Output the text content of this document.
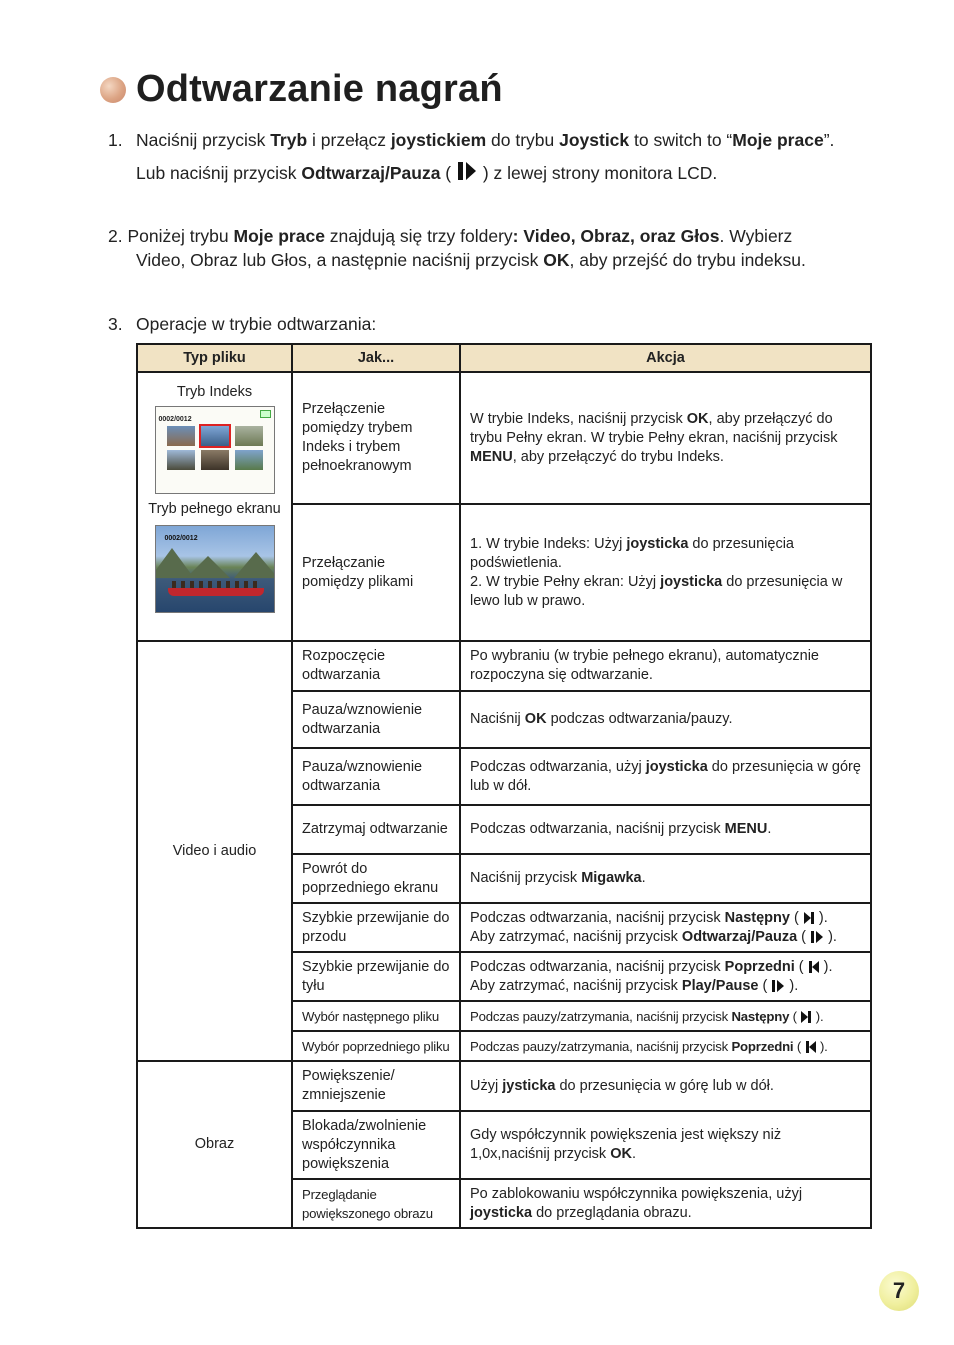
Odtwarzanie nagrań
1. Naciśnij przycisk Tryb i przełącz joystickiem do trybu Joystick to switch to “Moje prace”.
Lub naciśnij przycisk Odtwarzaj/Pauza (  ) z lewej strony monitora LCD.
2. Poniżej trybu Moje prace znajdują się trzy foldery: Video, Obraz, oraz Głos. Wybierz
Video, Obraz lub Głos, a następnie naciśnij przycisk OK, aby przejść do trybu indeksu.
3. Operacje w trybie odtwarzania:
Typ pliku	Jak...	Akcja

Tryb Indeks
0002/0012
Tryb pełnego ekranu
0002/0012	Przełączenie pomiędzy trybem Indeks i trybem pełnoekranowym	W trybie Indeks, naciśnij przycisk OK, aby przełączyć do trybu Pełny ekran. W trybie Pełny ekran, naciśnij przycisk MENU, aby przełączyć do trybu Indeks.
	Przełączanie pomiędzy plikami	1. W trybie Indeks: Użyj joysticka do przesunięcia podświetlenia.
2. W trybie Pełny ekran: Użyj joysticka do przesunięcia w lewo lub w prawo.
Video i audio	Rozpoczęcie odtwarzania	Po wybraniu (w trybie pełnego ekranu), automatycznie rozpoczyna się odtwarzanie.
	Pauza/wznowienie odtwarzania	Naciśnij OK podczas odtwarzania/pauzy.
	Pauza/wznowienie odtwarzania	Podczas odtwarzania, użyj joysticka do przesunięcia w górę lub w dół.
	Zatrzymaj odtwarzanie	Podczas odtwarzania, naciśnij przycisk MENU.
	Powrót do poprzedniego ekranu	Naciśnij przycisk Migawka.
	Szybkie przewijanie do przodu	Podczas odtwarzania, naciśnij przycisk Następny (  ).
Aby zatrzymać, naciśnij przycisk Odtwarzaj/Pauza (  ).
	Szybkie przewijanie do tyłu	Podczas odtwarzania, naciśnij przycisk Poprzedni (  ).
Aby zatrzymać, naciśnij przycisk Play/Pause (  ).
	Wybór następnego pliku	Podczas pauzy/zatrzymania, naciśnij przycisk Następny (  ).
	Wybór poprzedniego pliku	Podczas pauzy/zatrzymania, naciśnij przycisk Poprzedni (  ).
Obraz	Powiększenie/ zmniejszenie	Użyj jysticka do przesunięcia w górę lub w dół.
	Blokada/zwolnienie współczynnika powiększenia	Gdy współczynnik powiększenia jest większy niż 1,0x,naciśnij przycisk OK.
	Przeglądanie powiększonego obrazu	Po zablokowaniu współczynnika powiększenia, użyj joysticka do przeglądania obrazu.
7
